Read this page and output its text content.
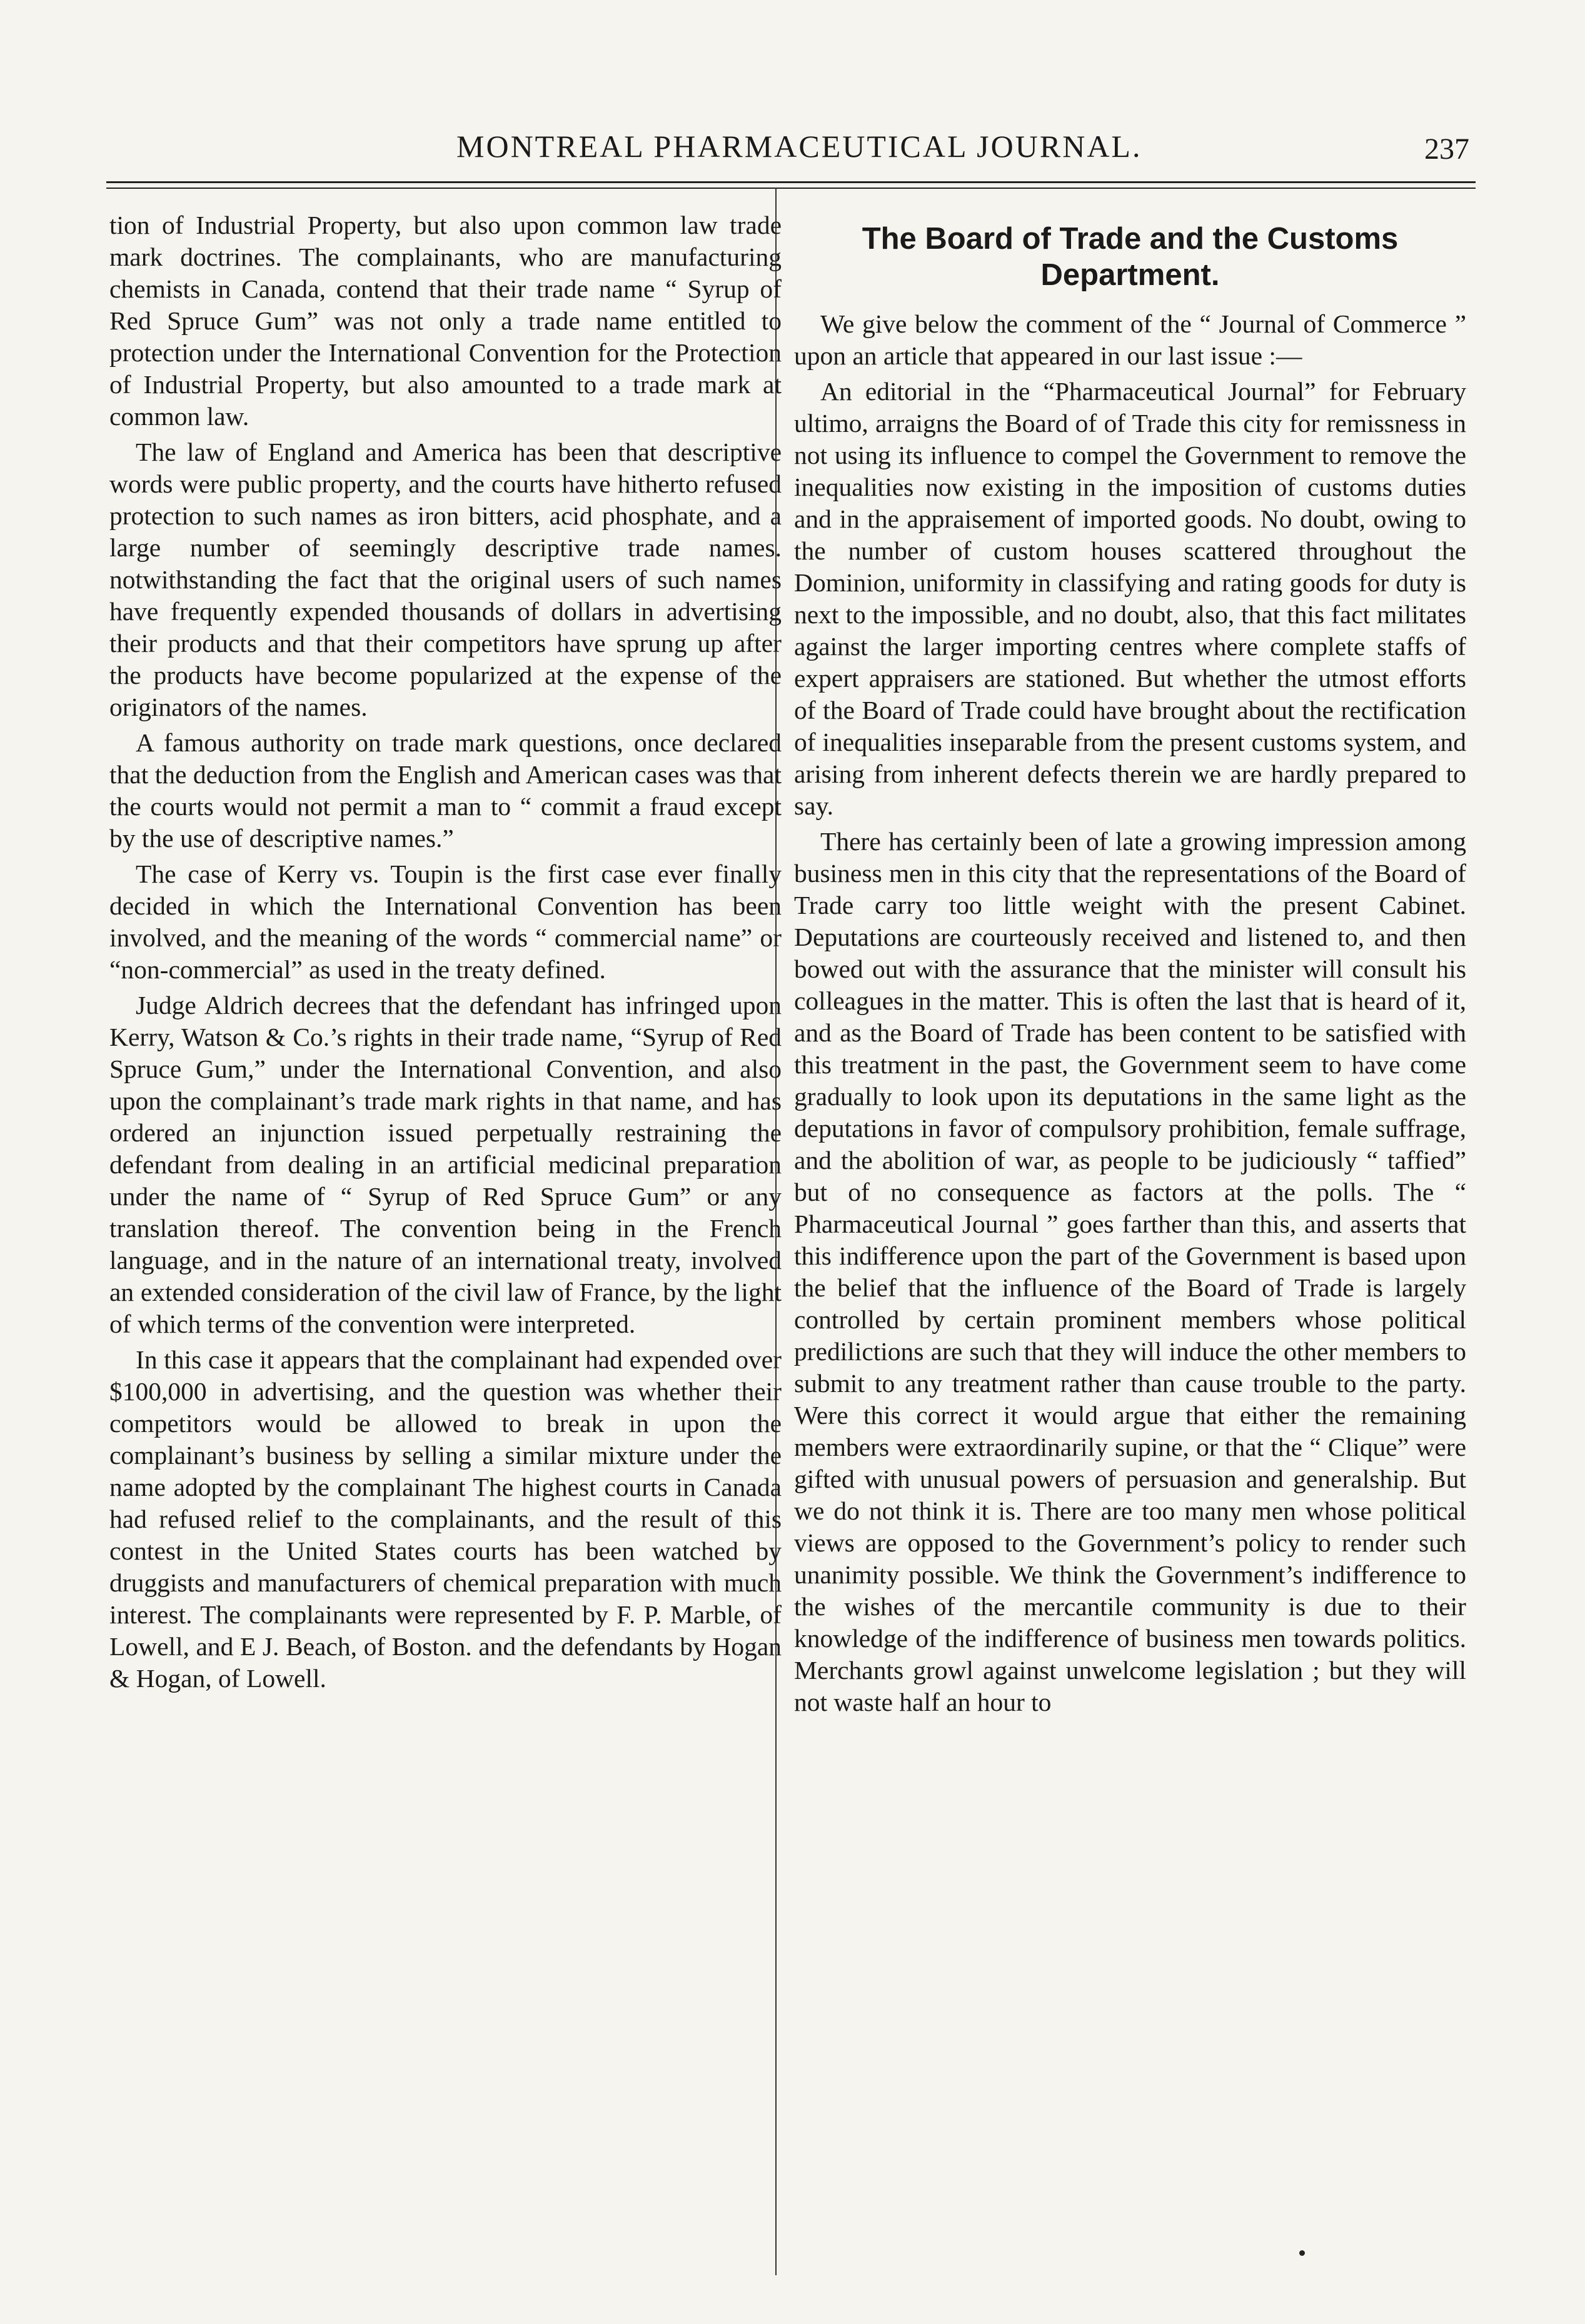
MONTREAL PHARMACEUTICAL JOURNAL.	237

tion of Industrial Property, but also upon common law trade mark doctrines. The complainants, who are manufacturing chemists in Canada, contend that their trade name “ Syrup of Red Spruce Gum” was not only a trade name entitled to protection under the International Convention for the Protection of Industrial Property, but also amounted to a trade mark at common law.

The law of England and America has been that descriptive words were public property, and the courts have hitherto refused protection to such names as iron bitters, acid phosphate, and a large number of seemingly descriptive trade names. notwithstanding the fact that the original users of such names have frequently expended thousands of dollars in advertising their products and that their competitors have sprung up after the products have become popularized at the expense of the originators of the names.

A famous authority on trade mark questions, once declared that the deduction from the English and American cases was that the courts would not permit a man to “ commit a fraud except by the use of descriptive names.”

The case of Kerry vs. Toupin is the first case ever finally decided in which the International Convention has been involved, and the meaning of the words “ commercial name” or “non-commercial” as used in the treaty defined.

Judge Aldrich decrees that the defendant has infringed upon Kerry, Watson & Co.’s rights in their trade name, “Syrup of Red Spruce Gum,” under the International Convention, and also upon the complainant’s trade mark rights in that name, and has ordered an injunction issued perpetually restraining the defendant from dealing in an artificial medicinal preparation under the name of “ Syrup of Red Spruce Gum” or any translation thereof. The convention being in the French language, and in the nature of an international treaty, involved an extended consideration of the civil law of France, by the light of which terms of the convention were interpreted.

In this case it appears that the complainant had expended over $100,000 in advertising, and the question was whether their competitors would be allowed to break in upon the complainant’s business by selling a similar mixture under the name adopted by the complainant The highest courts in Canada had refused relief to the complainants, and the result of this contest in the United States courts has been watched by druggists and manufacturers of chemical preparation with much interest. The complainants were represented by F. P. Marble, of Lowell, and E J. Beach, of Boston. and the defendants by Hogan & Hogan, of Lowell.

The Board of Trade and the Customs Department.

We give below the comment of the “ Journal of Commerce ” upon an article that appeared in our last issue :—

An editorial in the “Pharmaceutical Journal” for February ultimo, arraigns the Board of of Trade this city for remissness in not using its influence to compel the Government to remove the inequalities now existing in the imposition of customs duties and in the appraisement of imported goods. No doubt, owing to the number of custom houses scattered throughout the Dominion, uniformity in classifying and rating goods for duty is next to the impossible, and no doubt, also, that this fact militates against the larger importing centres where complete staffs of expert appraisers are stationed. But whether the utmost efforts of the Board of Trade could have brought about the rectification of inequalities inseparable from the present customs system, and arising from inherent defects therein we are hardly prepared to say.

There has certainly been of late a growing impression among business men in this city that the representations of the Board of Trade carry too little weight with the present Cabinet. Deputations are courteously received and listened to, and then bowed out with the assurance that the minister will consult his colleagues in the matter. This is often the last that is heard of it, and as the Board of Trade has been content to be satisfied with this treatment in the past, the Government seem to have come gradually to look upon its deputations in the same light as the deputations in favor of compulsory prohibition, female suffrage, and the abolition of war, as people to be judiciously “ taffied” but of no consequence as factors at the polls. The “ Pharmaceutical Journal ” goes farther than this, and asserts that this indifference upon the part of the Government is based upon the belief that the influence of the Board of Trade is largely controlled by certain prominent members whose political predilictions are such that they will induce the other members to submit to any treatment rather than cause trouble to the party. Were this correct it would argue that either the remaining members were extraordinarily supine, or that the “ Clique” were gifted with unusual powers of persuasion and generalship. But we do not think it is. There are too many men whose political views are opposed to the Government’s policy to render such unanimity possible. We think the Government’s indifference to the wishes of the mercantile community is due to their knowledge of the indifference of business men towards politics. Merchants growl against unwelcome legislation ; but they will not waste half an hour to
